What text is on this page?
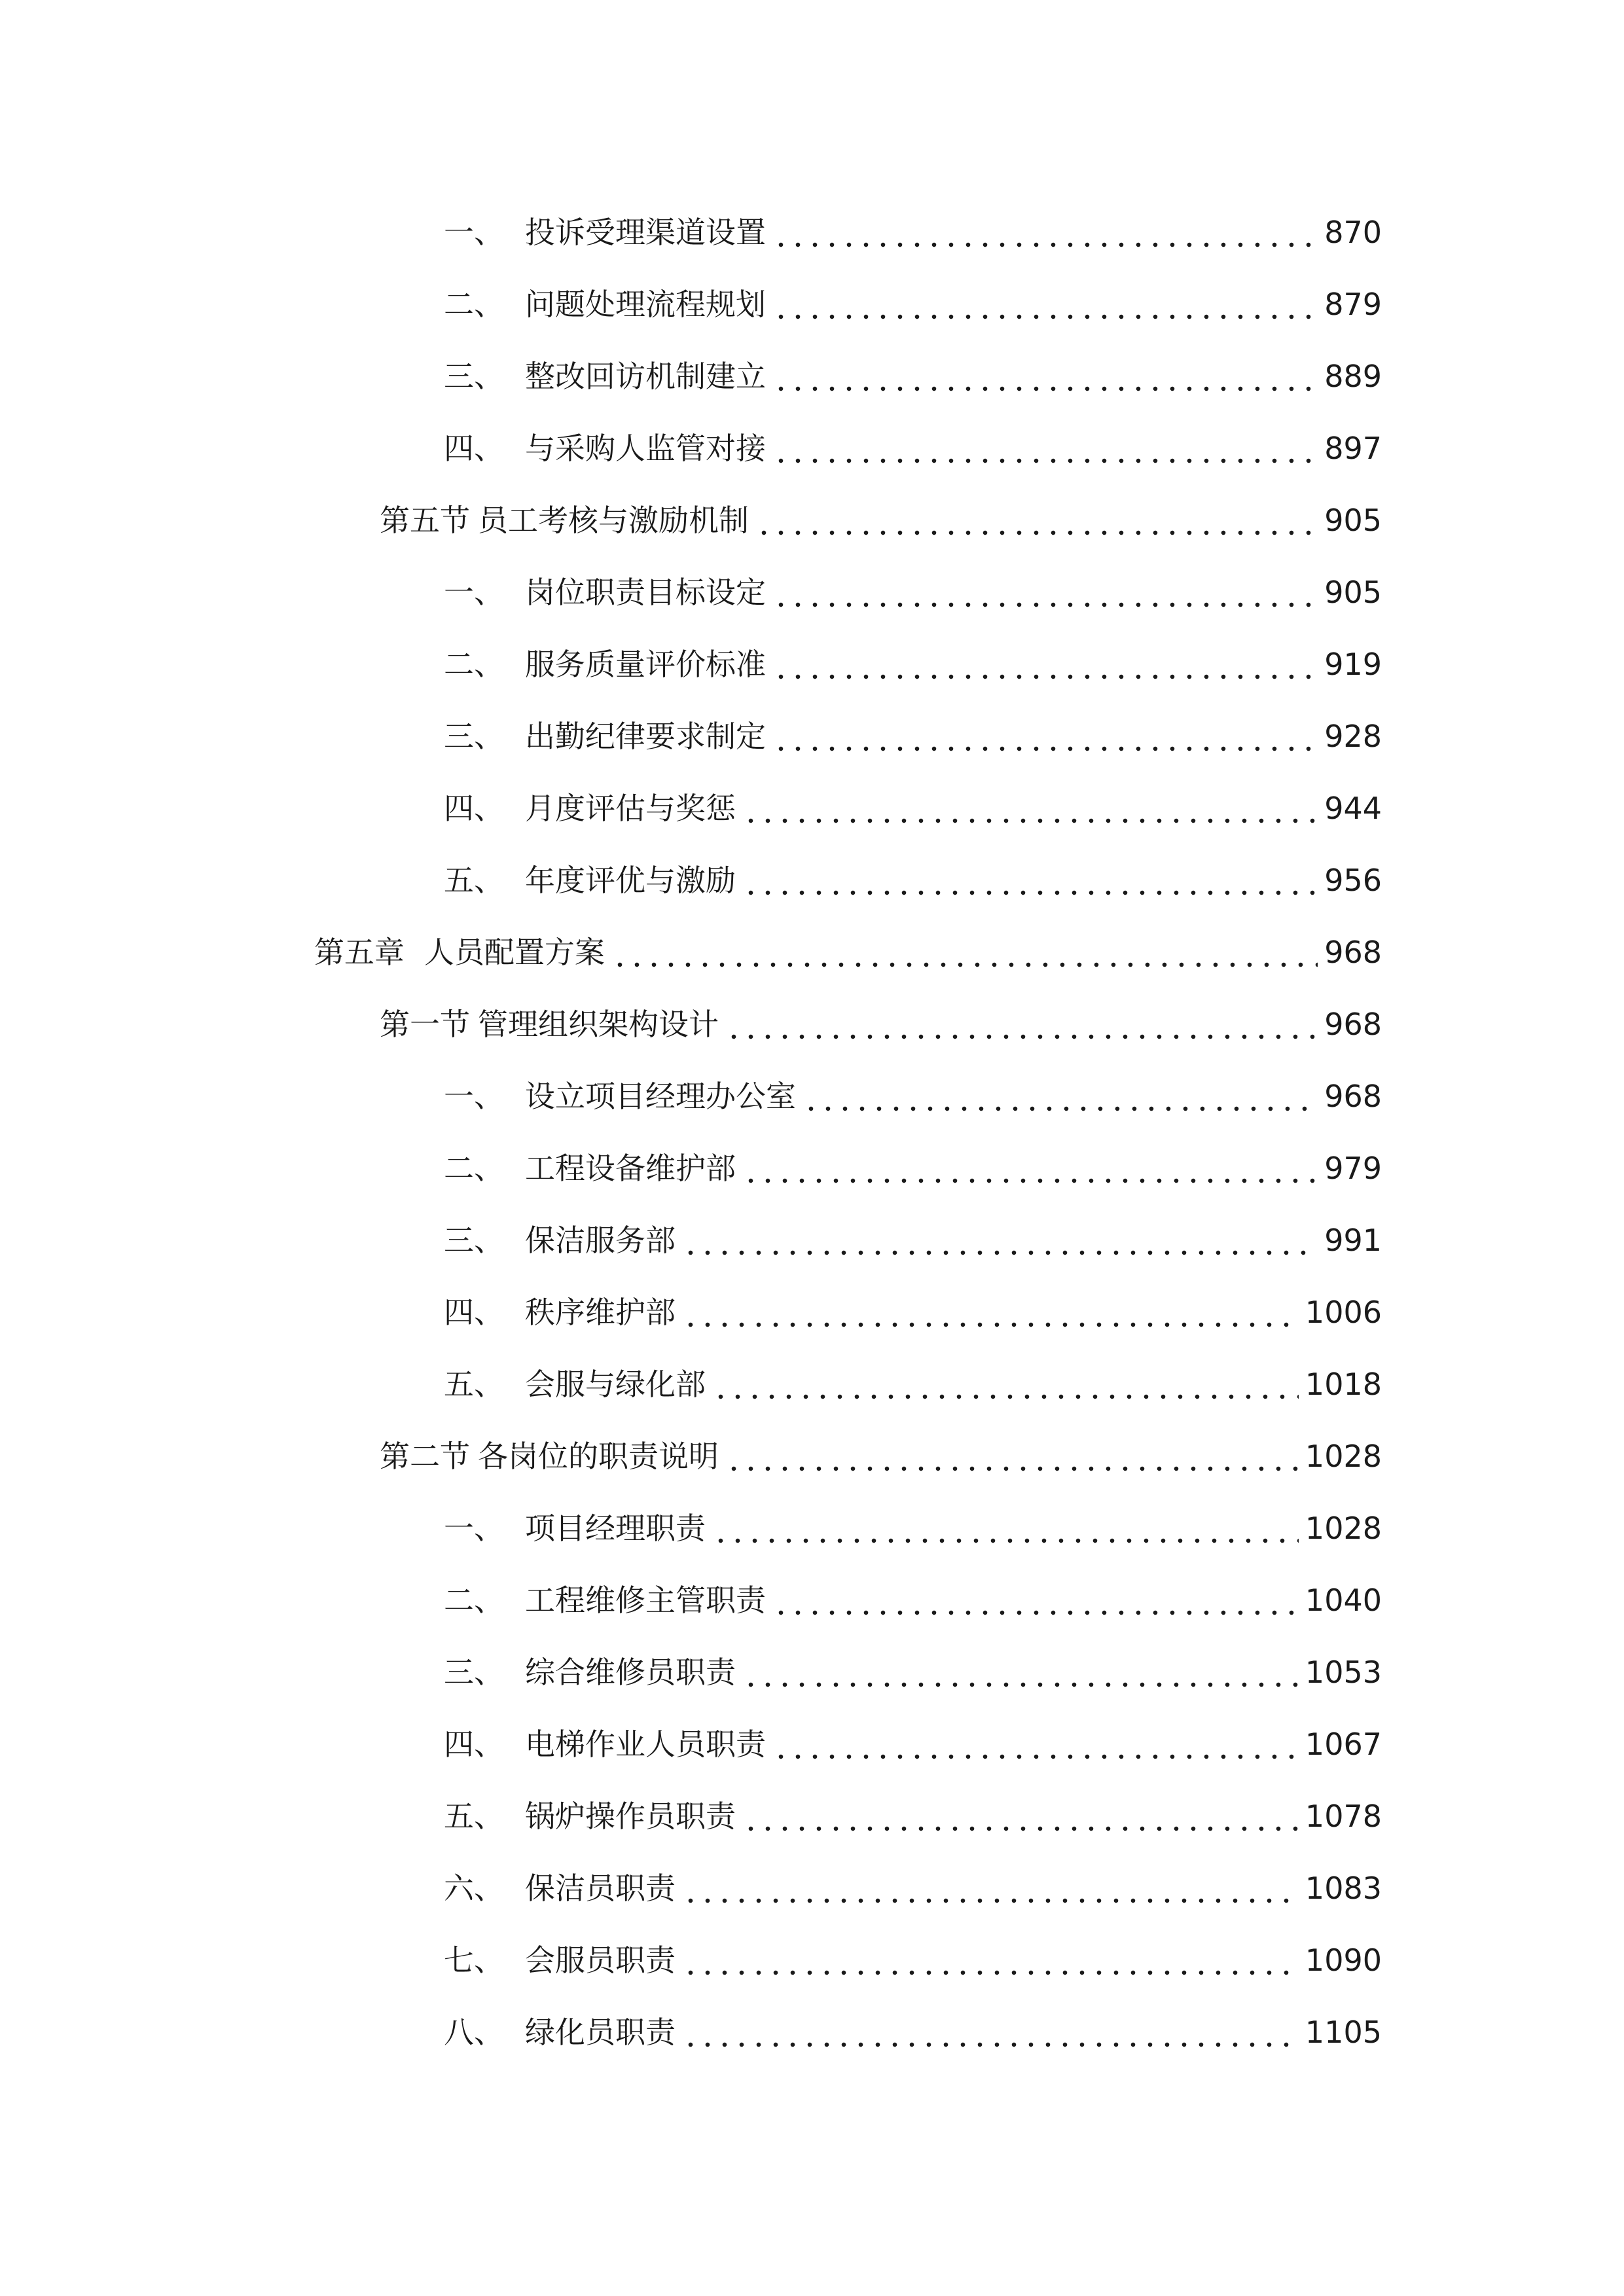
一、 投诉受理渠道设置	870
二、 问题处理流程规划	879
三、 整改回访机制建立	889
四、 与采购人监管对接	897
第五节 员工考核与激励机制	905
一、 岗位职责目标设定	905
二、 服务质量评价标准	919
三、 出勤纪律要求制定	928
四、 月度评估与奖惩	944
五、 年度评优与激励	956
第五章 人员配置方案	968
第一节 管理组织架构设计	968
一、 设立项目经理办公室	968
二、 工程设备维护部	979
三、 保洁服务部	991
四、 秩序维护部	1006
五、 会服与绿化部	1018
第二节 各岗位的职责说明	1028
一、 项目经理职责	1028
二、 工程维修主管职责	1040
三、 综合维修员职责	1053
四、 电梯作业人员职责	1067
五、 锅炉操作员职责	1078
六、 保洁员职责	1083
七、 会服员职责	1090
八、 绿化员职责	1105
